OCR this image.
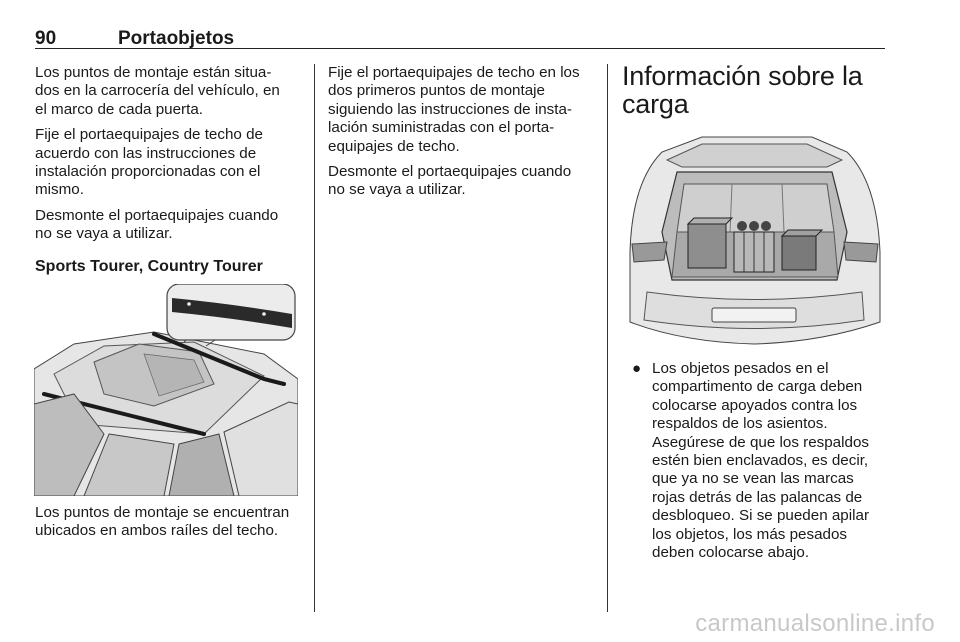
90	Portaobjetos

Los puntos de montaje están situa-
dos en la carrocería del vehículo, en
el marco de cada puerta.

Fije el portaequipajes de techo de
acuerdo con las instrucciones de
instalación proporcionadas con el
mismo.

Desmonte el portaequipajes cuando
no se vaya a utilizar.

Sports Tourer, Country Tourer

Los puntos de montaje se encuentran
ubicados en ambos raíles del techo.

Fije el portaequipajes de techo en los
dos primeros puntos de montaje
siguiendo las instrucciones de insta-
lación suministradas con el porta-
equipajes de techo.

Desmonte el portaequipajes cuando
no se vaya a utilizar.

Información sobre la
carga
● Los objetos pesados en el
compartimento de carga deben
colocarse apoyados contra los
respaldos de los asientos.
Asegúrese de que los respaldos
estén bien enclavados, es decir,
que ya no se vean las marcas
rojas detrás de las palancas de
desbloqueo. Si se pueden apilar
los objetos, los más pesados
deben colocarse abajo.
carmanualsonline.info
